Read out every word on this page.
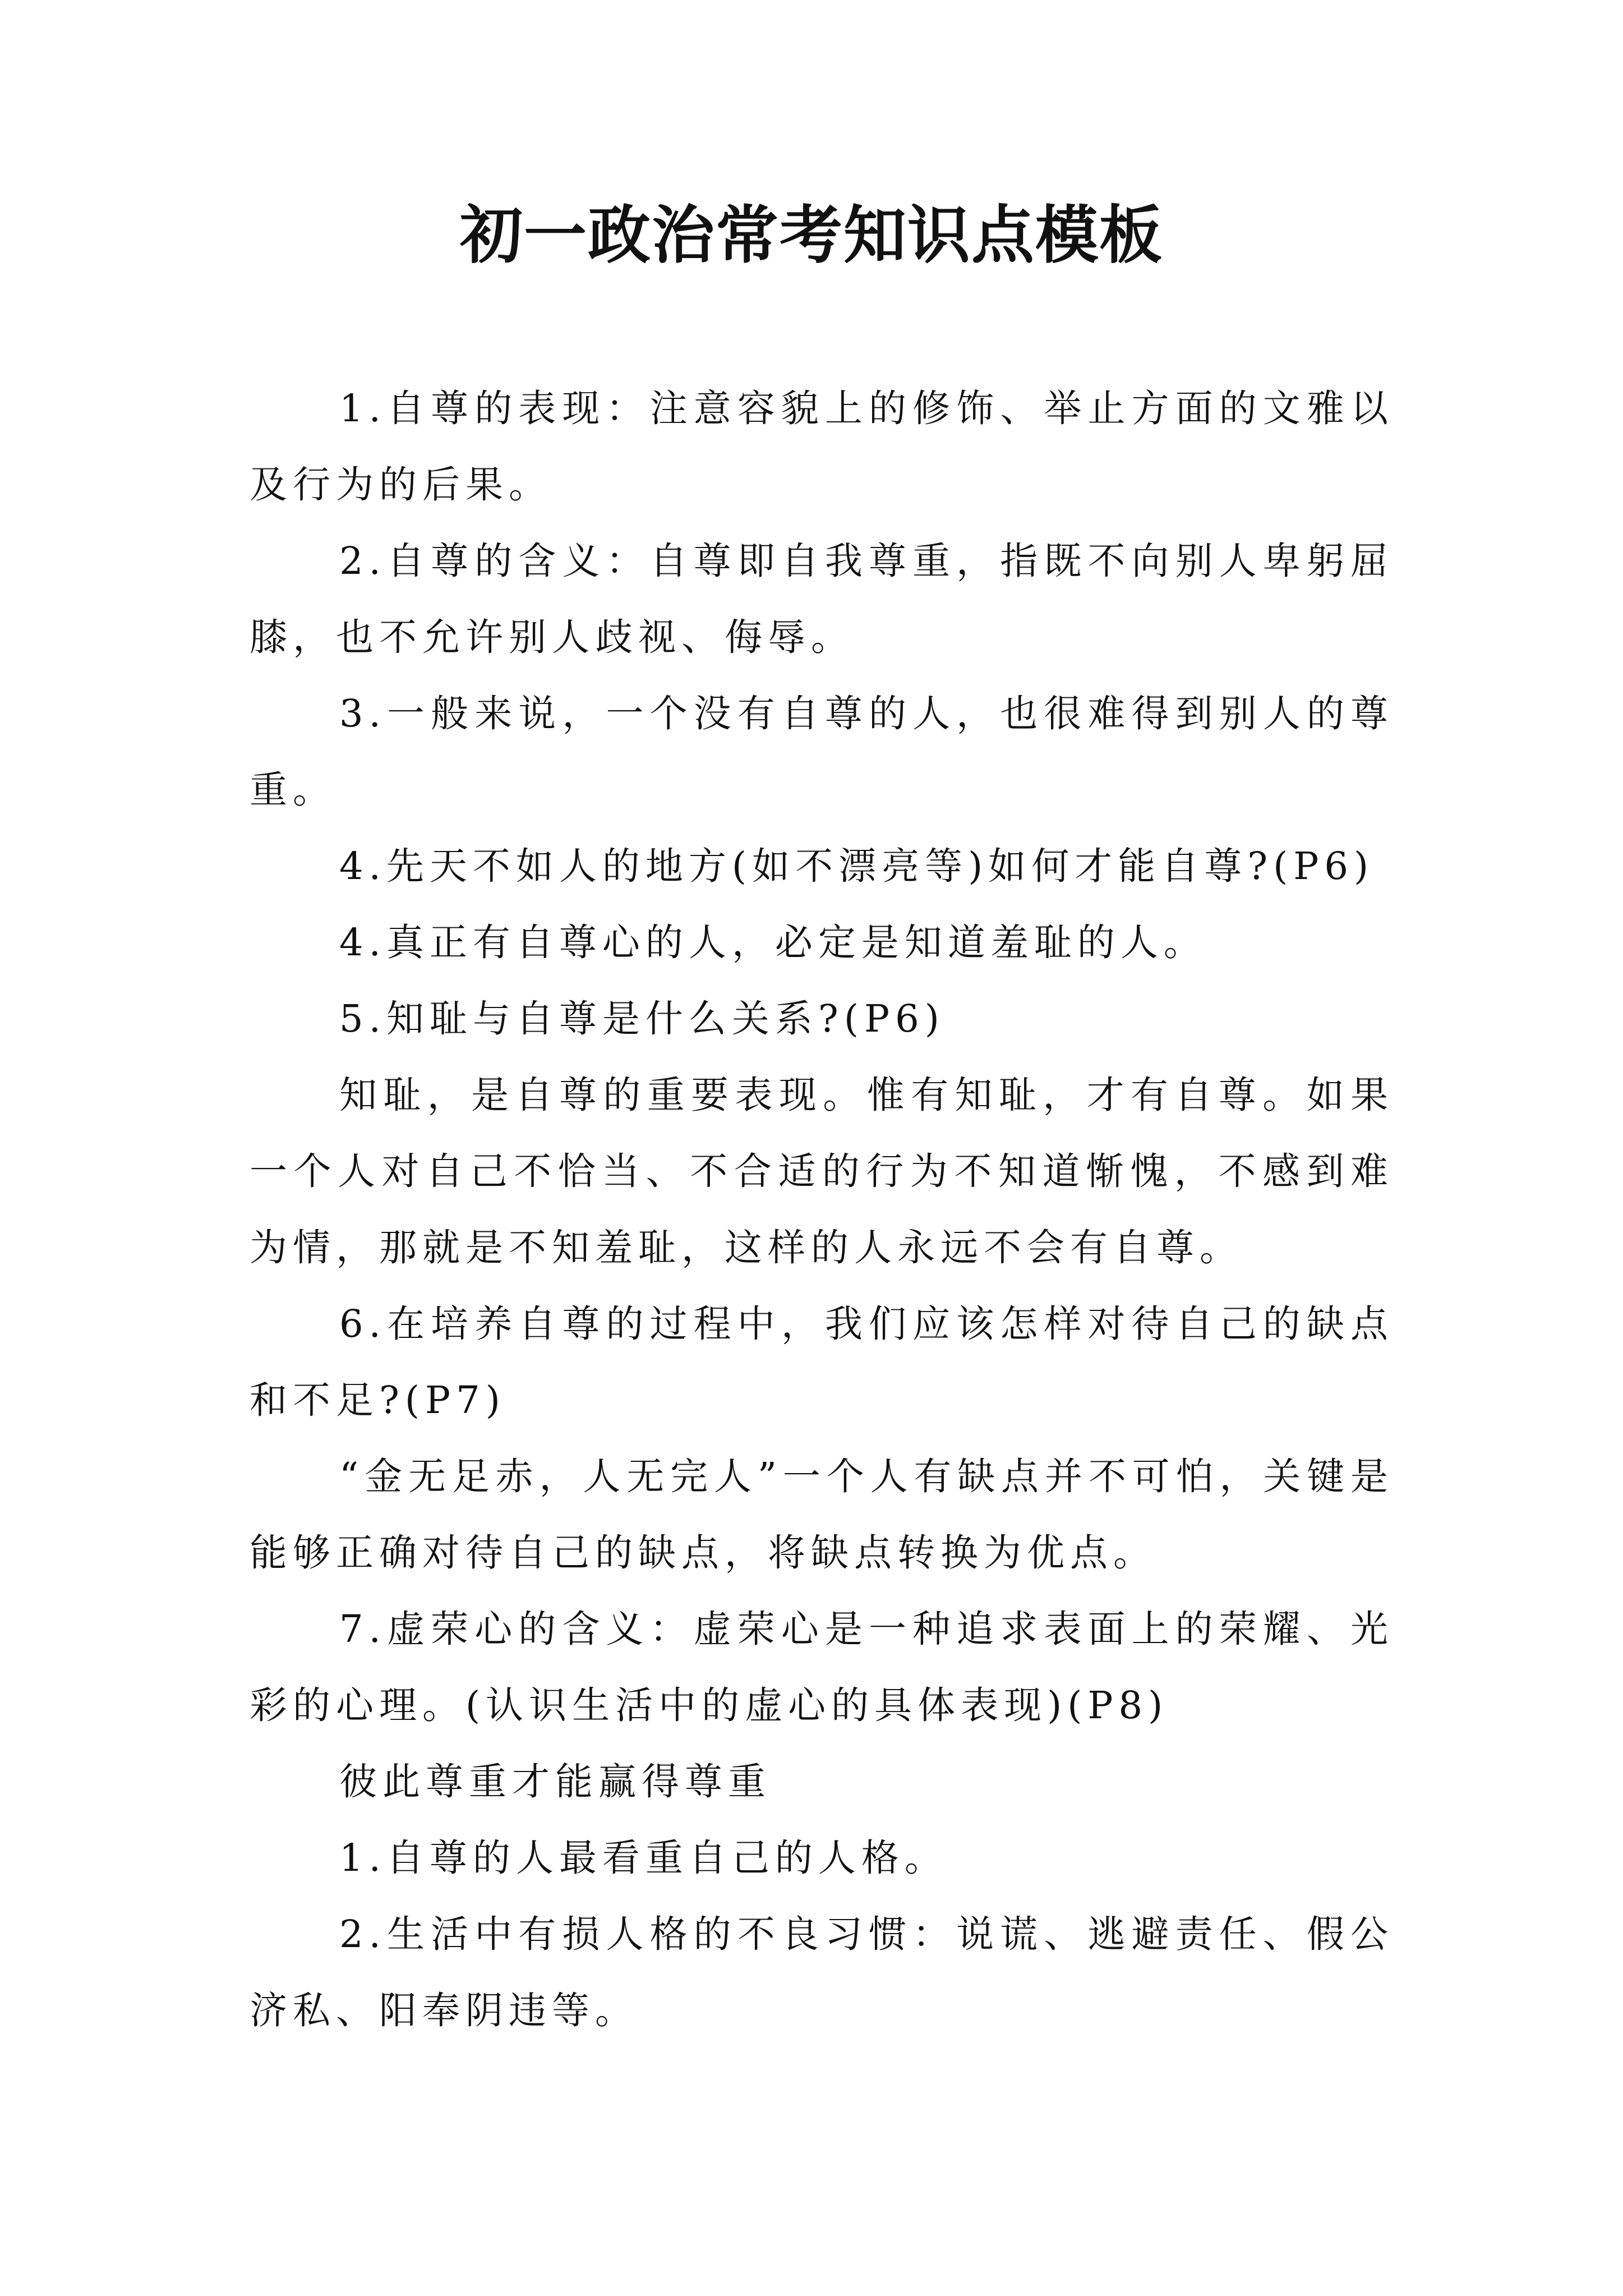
初一政治常考知识点模板

1.自尊的表现：注意容貌上的修饰、举止方面的文雅以及行为的后果。

2.自尊的含义：自尊即自我尊重，指既不向别人卑躬屈膝，也不允许别人歧视、侮辱。

3.一般来说，一个没有自尊的人，也很难得到别人的尊重。

4.先天不如人的地方(如不漂亮等)如何才能自尊?(P6)

4.真正有自尊心的人，必定是知道羞耻的人。

5.知耻与自尊是什么关系?(P6)

知耻，是自尊的重要表现。惟有知耻，才有自尊。如果一个人对自己不恰当、不合适的行为不知道惭愧，不感到难为情，那就是不知羞耻，这样的人永远不会有自尊。

6.在培养自尊的过程中，我们应该怎样对待自己的缺点和不足?(P7)

“金无足赤，人无完人”一个人有缺点并不可怕，关键是能够正确对待自己的缺点，将缺点转换为优点。

7.虚荣心的含义：虚荣心是一种追求表面上的荣耀、光彩的心理。(认识生活中的虚心的具体表现)(P8)

彼此尊重才能赢得尊重

1.自尊的人最看重自己的人格。

2.生活中有损人格的不良习惯：说谎、逃避责任、假公济私、阳奉阴违等。
